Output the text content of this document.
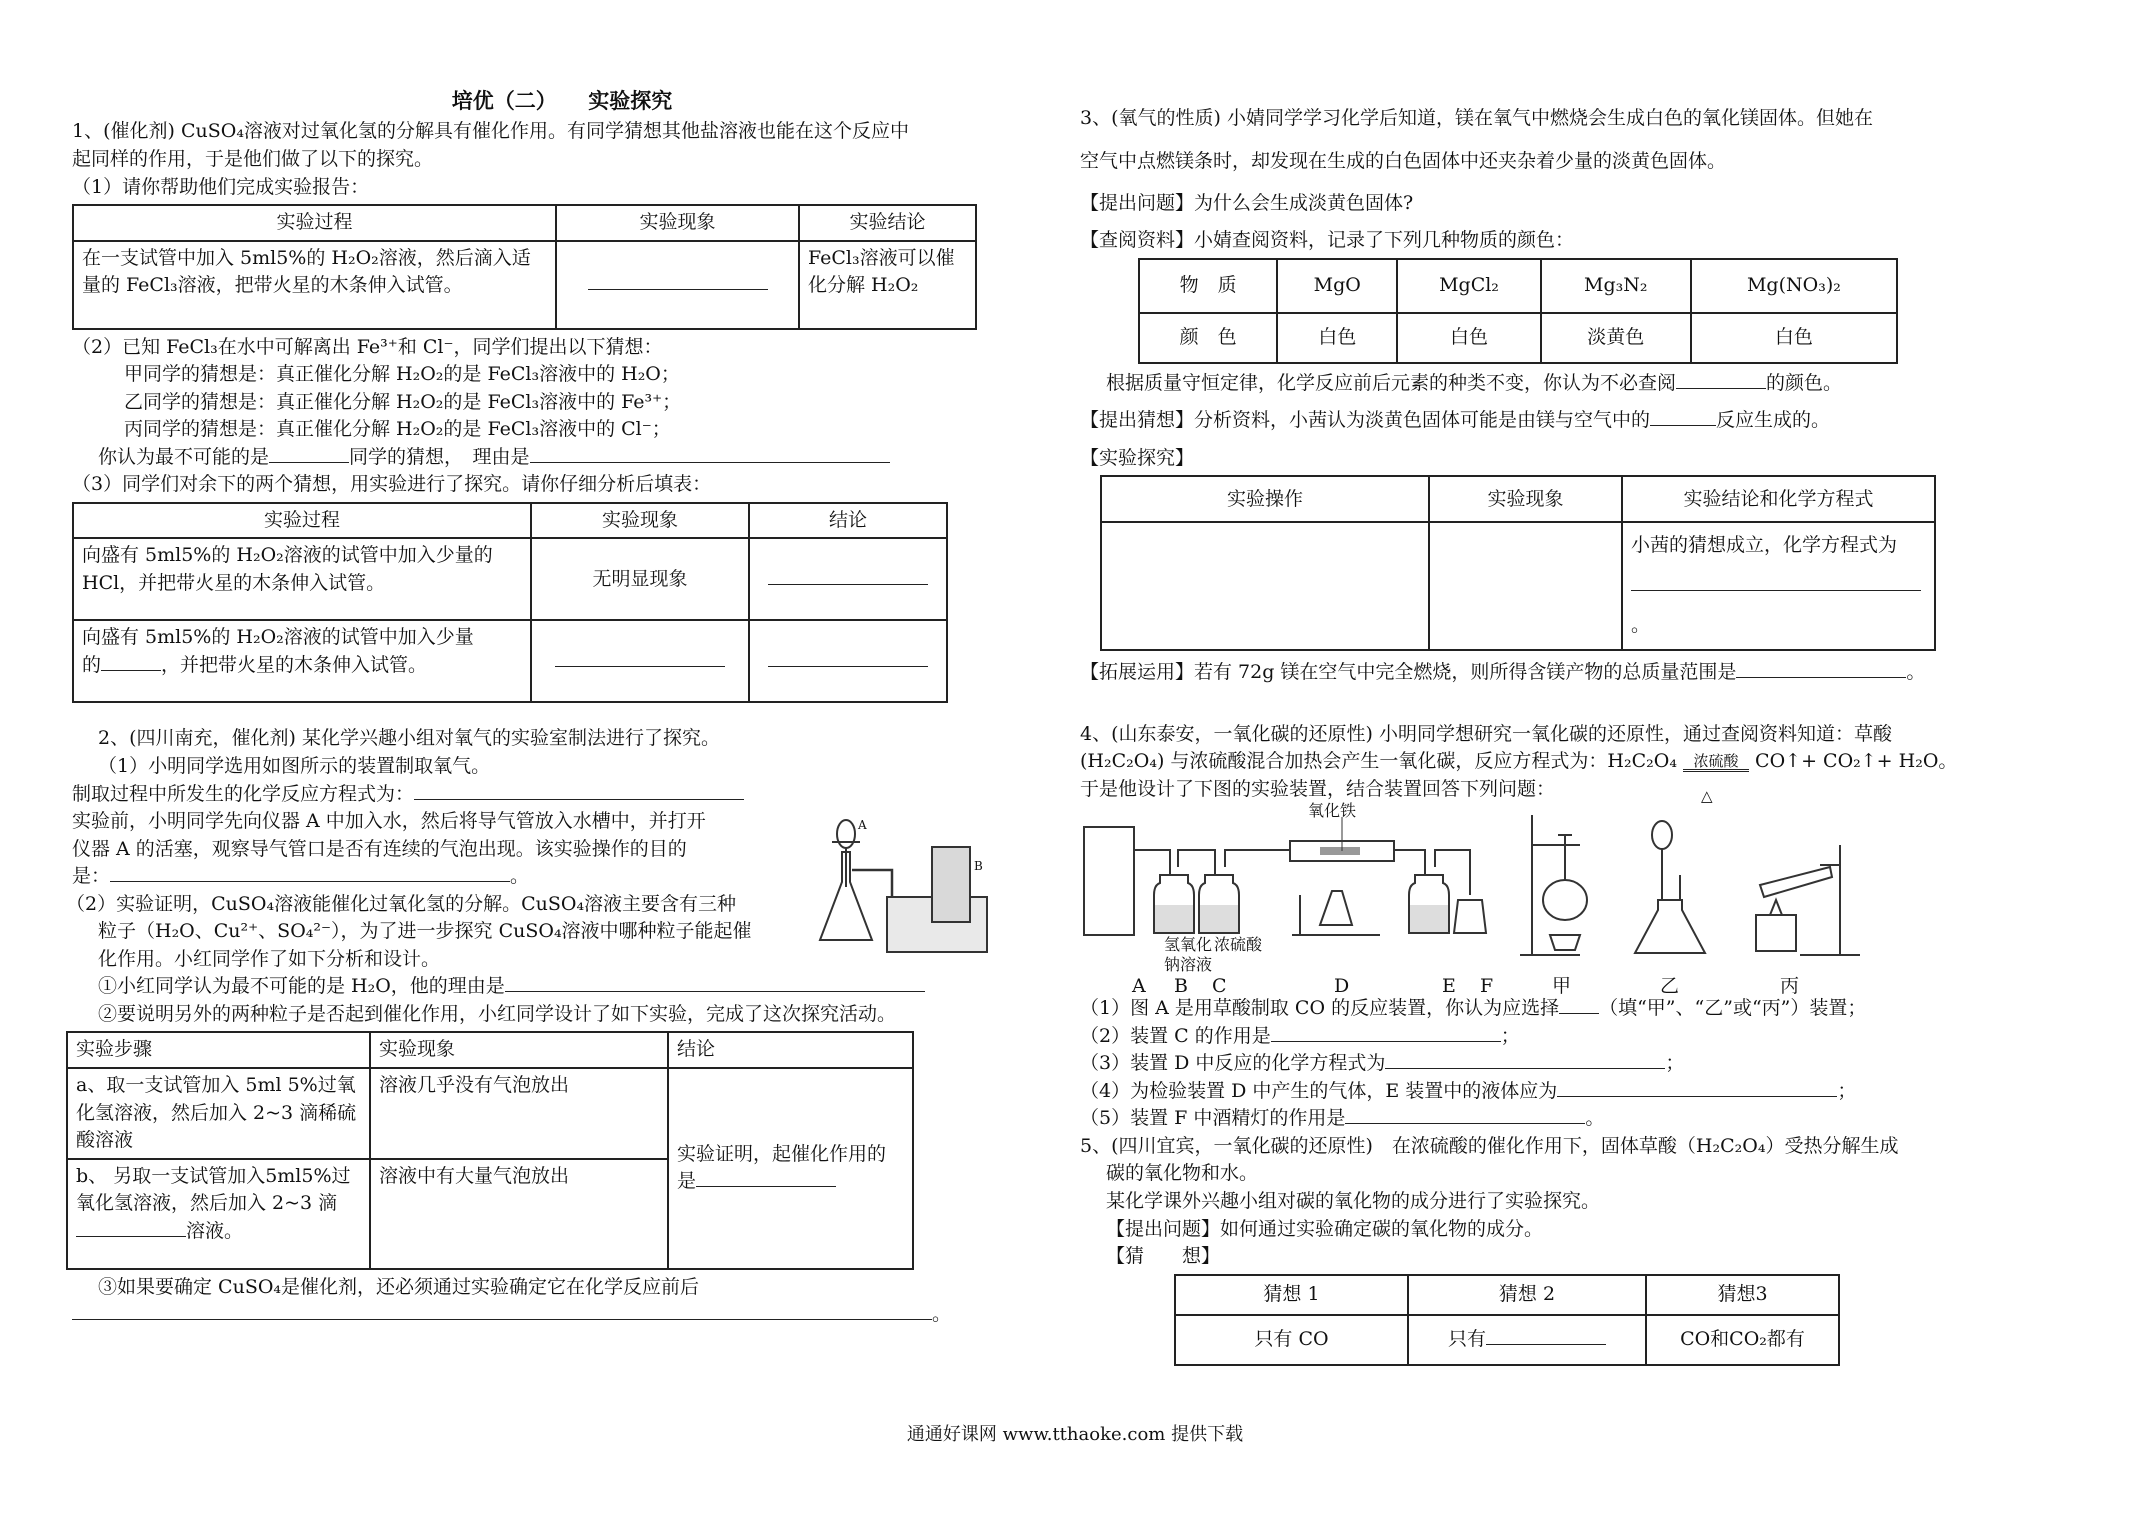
培优（二）　　实验探究

1、(催化剂) CuSO₄溶液对过氧化氢的分解具有催化作用。有同学猜想其他盐溶液也能在这个反应中

起同样的作用，于是他们做了以下的探究。

（1）请你帮助他们完成实验报告：

实验过程	实验现象	实验结论
在一支试管中加入 5ml5%的 H₂O₂溶液，然后滴入适量的 FeCl₃溶液，把带火星的木条伸入试管。		FeCl₃溶液可以催化分解 H₂O₂

（2）已知 FeCl₃在水中可解离出 Fe³⁺和 Cl⁻，同学们提出以下猜想：

甲同学的猜想是：真正催化分解 H₂O₂的是 FeCl₃溶液中的 H₂O；

乙同学的猜想是：真正催化分解 H₂O₂的是 FeCl₃溶液中的 Fe³⁺；

丙同学的猜想是：真正催化分解 H₂O₂的是 FeCl₃溶液中的 Cl⁻；

你认为最不可能的是	同学的猜想，　理由是

（3）同学们对余下的两个猜想，用实验进行了探究。请你仔细分析后填表：

实验过程	实验现象	结论
向盛有 5ml5%的 H₂O₂溶液的试管中加入少量的 HCl，并把带火星的木条伸入试管。	无明显现象	
向盛有 5ml5%的 H₂O₂溶液的试管中加入少量
的 ，并把带火星的木条伸入试管。		

2、(四川南充，催化剂) 某化学兴趣小组对氧气的实验室制法进行了探究。

（1）小明同学选用如图所示的装置制取氧气。

制取过程中所发生的化学反应方程式为：

实验前，小明同学先向仪器 A 中加入水，然后将导气管放入水槽中，并打开

仪器 A 的活塞，观察导气管口是否有连续的气泡出现。该实验操作的目的

是：	。

（2）实验证明，CuSO₄溶液能催化过氧化氢的分解。CuSO₄溶液主要含有三种

粒子（H₂O、Cu²⁺、SO₄²⁻），为了进一步探究 CuSO₄溶液中哪种粒子能起催

化作用。小红同学作了如下分析和设计。

①小红同学认为最不可能的是 H₂O，他的理由是

②要说明另外的两种粒子是否起到催化作用，小红同学设计了如下实验，完成了这次探究活动。

实验步骤	实验现象	结论
a、取一支试管加入 5ml 5%过氧化氢溶液，然后加入 2~3 滴稀硫酸溶液	溶液几乎没有气泡放出	实验证明，起催化作用的是
b、 另取一支试管加入5ml5%过氧化氢溶液，然后加入 2~3 滴溶液。	溶液中有大量气泡放出	

③如果要确定 CuSO₄是催化剂，还必须通过实验确定它在化学反应前后

。

A
B

3、(氧气的性质) 小婧同学学习化学后知道，镁在氧气中燃烧会生成白色的氧化镁固体。但她在

空气中点燃镁条时，却发现在生成的白色固体中还夹杂着少量的淡黄色固体。

【提出问题】为什么会生成淡黄色固体?

【查阅资料】小婧查阅资料，记录了下列几种物质的颜色：

物　质	MgO	MgCl₂	Mg₃N₂	Mg(NO₃)₂
颜　色	白色	白色	淡黄色	白色

根据质量守恒定律，化学反应前后元素的种类不变，你认为不必查阅	的颜色。

【提出猜想】分析资料，小茜认为淡黄色固体可能是由镁与空气中的	反应生成的。

【实验探究】

实验操作	实验现象	实验结论和化学方程式
		小茜的猜想成立，化学方程式为
。

【拓展运用】若有 72g 镁在空气中完全燃烧，则所得含镁产物的总质量范围是	。

4、(山东泰安，一氧化碳的还原性) 小明同学想研究一氧化碳的还原性，通过查阅资料知道：草酸

(H₂C₂O₄) 与浓硫酸混合加热会产生一氧化碳，反应方程式为：H₂C₂O₄	浓硫酸
△
CO↑+ CO₂↑+ H₂O。

于是他设计了下图的实验装置，结合装置回答下列问题：

氧化铁
氢氧化
钠溶液
浓硫酸
A B C	D	E F	甲	乙	丙

（1）图 A 是用草酸制取 CO 的反应装置，你认为应选择 （填“甲”、“乙”或“丙”）装置；

（2）装置 C 的作用是	；

（3）装置 D 中反应的化学方程式为	；

（4）为检验装置 D 中产生的气体，E 装置中的液体应为	；

（5）装置 F 中酒精灯的作用是	。

5、(四川宜宾，一氧化碳的还原性)　在浓硫酸的催化作用下，固体草酸（H₂C₂O₄）受热分解生成

碳的氧化物和水。

某化学课外兴趣小组对碳的氧化物的成分进行了实验探究。

【提出问题】如何通过实验确定碳的氧化物的成分。

【猜　　想】

猜想 1	猜想 2	猜想3
只有 CO	只有	CO和CO₂都有
通通好课网 www.tthaoke.com 提供下载
